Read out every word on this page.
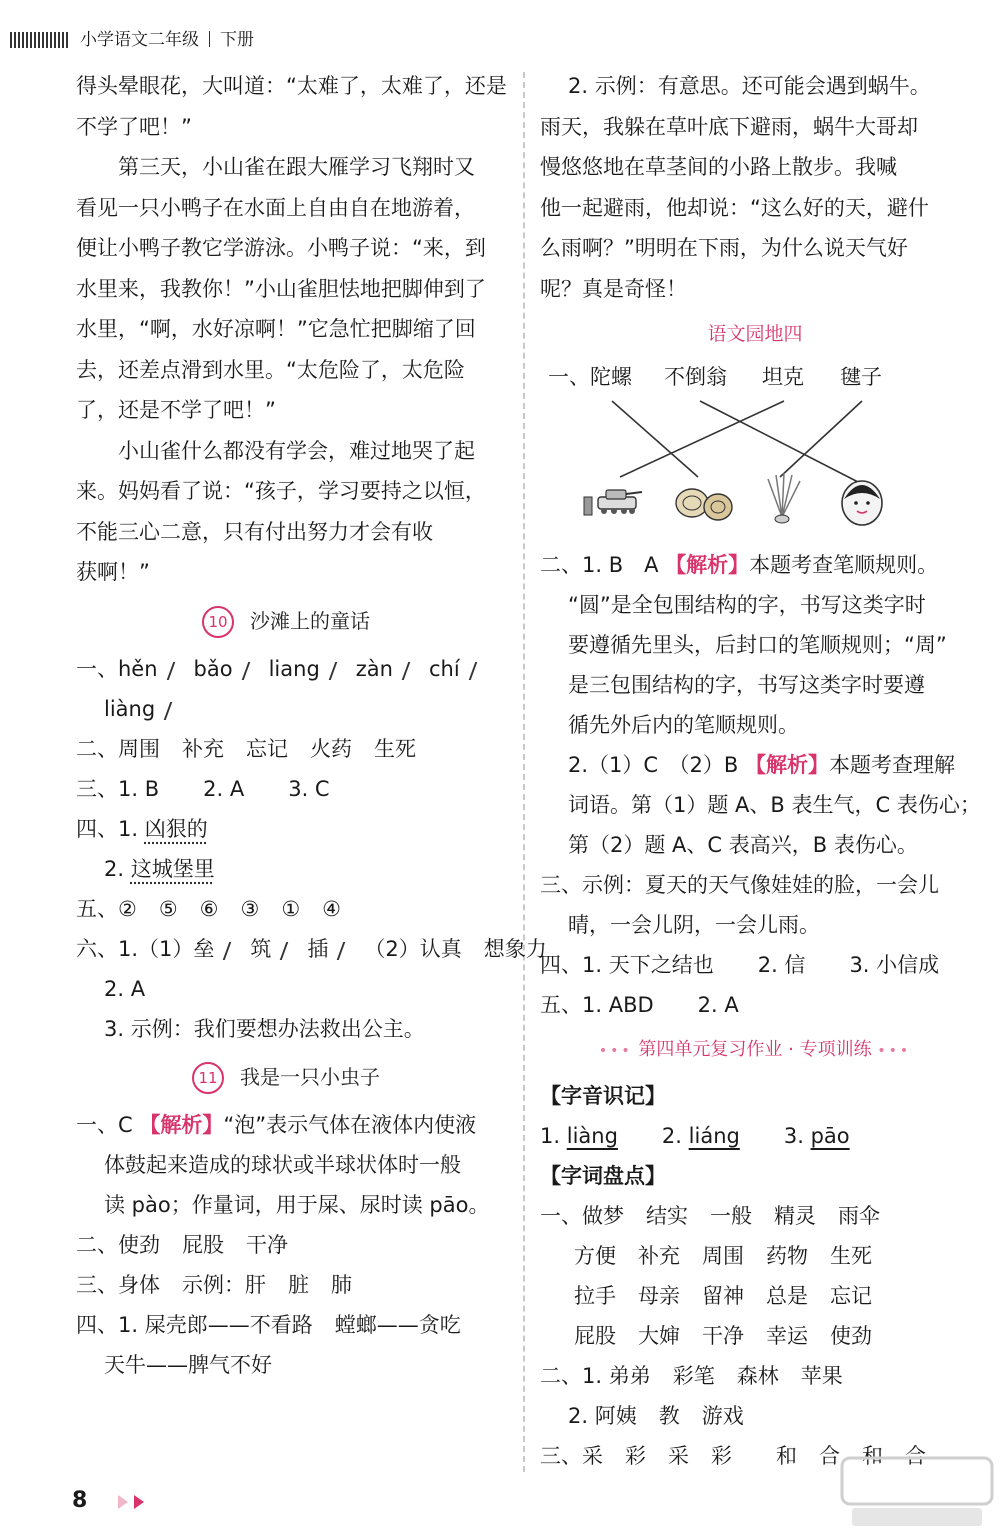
小学语文二年级 下册

得头晕眼花，大叫道：“太难了，太难了，还是

不学了吧！”

第三天，小山雀在跟大雁学习飞翔时又

看见一只小鸭子在水面上自由自在地游着，

便让小鸭子教它学游泳。小鸭子说：“来，到

水里来，我教你！”小山雀胆怯地把脚伸到了

水里，“啊，水好凉啊！”它急忙把脚缩了回

去，还差点滑到水里。“太危险了，太危险

了，还是不学了吧！”

小山雀什么都没有学会，难过地哭了起

来。妈妈看了说：“孩子，学习要持之以恒，

不能三心二意，只有付出努力才会有收

获啊！”

10 沙滩上的童话

一、hěn bǎo liang zàn chí

liàng

二、周围 补充 忘记 火药 生死

三、1. B 2. A 3. C

四、1. 凶狠的

2. 这城堡里

五、② ⑤ ⑥ ③ ① ④

六、1.（1）垒 筑 插 （2）认真 想象力

2. A

3. 示例：我们要想办法救出公主。

11 我是一只小虫子

一、C 【解析】“泡”表示气体在液体内使液

体鼓起来造成的球状或半球状体时一般

读 pào；作量词，用于屎、尿时读 pāo。

二、使劲 屁股 干净

三、身体 示例：肝 脏 肺

四、1. 屎壳郎——不看路 螳螂——贪吃

天牛——脾气不好

2. 示例：有意思。还可能会遇到蜗牛。

雨天，我躲在草叶底下避雨，蜗牛大哥却

慢悠悠地在草茎间的小路上散步。我喊

他一起避雨，他却说：“这么好的天，避什

么雨啊？”明明在下雨，为什么说天气好

呢？真是奇怪！

语文园地四
一、 陀螺 不倒翁 坦克 毽子

二、1. B　A 【解析】本题考查笔顺规则。

“圆”是全包围结构的字，书写这类字时

要遵循先里头，后封口的笔顺规则；“周”

是三包围结构的字，书写这类字时要遵

循先外后内的笔顺规则。

2.（1）C　（2）B 【解析】本题考查理解

词语。第（1）题 A、B 表生气，C 表伤心；

第（2）题 A、C 表高兴，B 表伤心。

三、示例：夏天的天气像娃娃的脸，一会儿

晴，一会儿阴，一会儿雨。

四、1. 天下之结也 2. 信 3. 小信成

五、1. ABD 2. A

••• 第四单元复习作业 · 专项训练 •••

【字音识记】

1. liàng 2. liáng 3. pāo

【字词盘点】

一、做梦 结实 一般 精灵 雨伞

方便 补充 周围 药物 生死

拉手 母亲 留神 总是 忘记

屁股 大婶 干净 幸运 使劲

二、1. 弟弟 彩笔 森林 苹果

2. 阿姨 教 游戏

三、采 彩 采 彩 和 合 和 合

8
